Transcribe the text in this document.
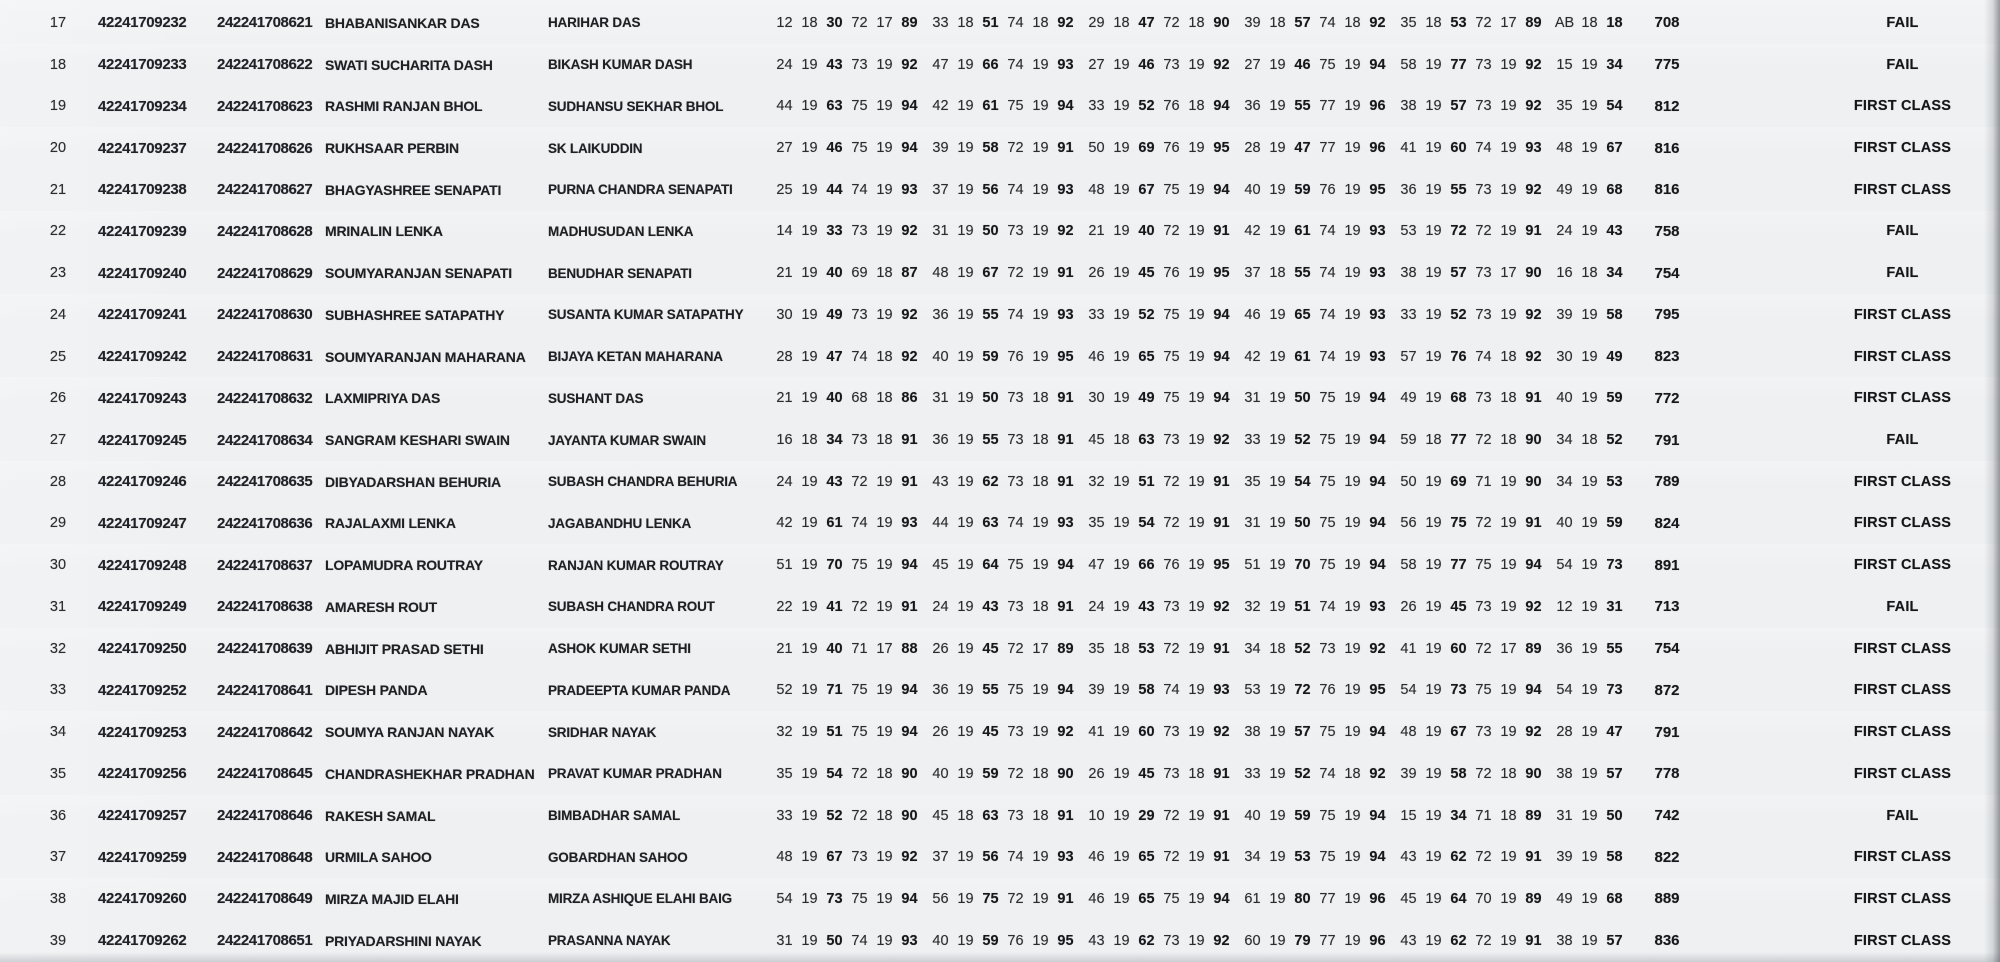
17	42241709232	242241708621 BHABANISANKAR DAS	HARIHAR DAS	12 18 30 72 17 89	33 18 51 74 18 92	29 18 47 72 18 90	39 18 57 74 18 92	35 18 53 72 17 89 AB 18 18	708	FAIL
18	42241709233	242241708622 SWATI SUCHARITA DASH	BIKASH KUMAR DASH	24 19 43 73 19 92	47 19 66 74 19 93	27 19 46 73 19 92	27 19 46 75 19 94	58 19 77 73 19 92	15 19 34	775	FAIL
19	42241709234	242241708623 RASHMI RANJAN BHOL	SUDHANSU SEKHAR BHOL	44 19 63 75 19 94	42 19 61 75 19 94	33 19 52 76 18 94	36 19 55 77 19 96	38 19 57 73 19 92	35 19 54	812	FIRST CLASS
20	42241709237	242241708626 RUKHSAAR PERBIN	SK LAIKUDDIN	27 19 46 75 19 94	39 19 58 72 19 91	50 19 69 76 19 95	28 19 47 77 19 96	41 19 60 74 19 93	48 19 67	816	FIRST CLASS
21	42241709238	242241708627 BHAGYASHREE SENAPATI	PURNA CHANDRA SENAPATI	25 19 44 74 19 93	37 19 56 74 19 93	48 19 67 75 19 94	40 19 59 76 19 95	36 19 55 73 19 92	49 19 68	816	FIRST CLASS
22	42241709239	242241708628 MRINALIN LENKA	MADHUSUDAN LENKA	14 19 33 73 19 92	31 19 50 73 19 92	21 19 40 72 19 91	42 19 61 74 19 93	53 19 72 72 19 91	24 19 43	758	FAIL
23	42241709240	242241708629 SOUMYARANJAN SENAPATI	BENUDHAR SENAPATI	21 19 40 69 18 87	48 19 67 72 19 91	26 19 45 76 19 95	37 18 55 74 19 93	38 19 57 73 17 90	16 18 34	754	FAIL
24	42241709241	242241708630 SUBHASHREE SATAPATHY	SUSANTA KUMAR SATAPATHY	30 19 49 73 19 92	36 19 55 74 19 93	33 19 52 75 19 94	46 19 65 74 19 93	33 19 52 73 19 92	39 19 58	795	FIRST CLASS
25	42241709242	242241708631 SOUMYARANJAN MAHARANA	BIJAYA KETAN MAHARANA	28 19 47 74 18 92	40 19 59 76 19 95	46 19 65 75 19 94	42 19 61 74 19 93	57 19 76 74 18 92	30 19 49	823	FIRST CLASS
26	42241709243	242241708632 LAXMIPRIYA DAS	SUSHANT DAS	21 19 40 68 18 86	31 19 50 73 18 91	30 19 49 75 19 94	31 19 50 75 19 94	49 19 68 73 18 91	40 19 59	772	FIRST CLASS
27	42241709245	242241708634 SANGRAM KESHARI SWAIN	JAYANTA KUMAR SWAIN	16 18 34 73 18 91	36 19 55 73 18 91	45 18 63 73 19 92	33 19 52 75 19 94	59 18 77 72 18 90	34 18 52	791	FAIL
28	42241709246	242241708635 DIBYADARSHAN BEHURIA	SUBASH CHANDRA BEHURIA	24 19 43 72 19 91	43 19 62 73 18 91	32 19 51 72 19 91	35 19 54 75 19 94	50 19 69 71 19 90	34 19 53	789	FIRST CLASS
29	42241709247	242241708636 RAJALAXMI LENKA	JAGABANDHU LENKA	42 19 61 74 19 93	44 19 63 74 19 93	35 19 54 72 19 91	31 19 50 75 19 94	56 19 75 72 19 91	40 19 59	824	FIRST CLASS
30	42241709248	242241708637 LOPAMUDRA ROUTRAY	RANJAN KUMAR ROUTRAY	51 19 70 75 19 94	45 19 64 75 19 94	47 19 66 76 19 95	51 19 70 75 19 94	58 19 77 75 19 94	54 19 73	891	FIRST CLASS
31	42241709249	242241708638 AMARESH ROUT	SUBASH CHANDRA ROUT	22 19 41 72 19 91	24 19 43 73 18 91	24 19 43 73 19 92	32 19 51 74 19 93	26 19 45 73 19 92	12 19 31	713	FAIL
32	42241709250	242241708639 ABHIJIT PRASAD SETHI	ASHOK KUMAR SETHI	21 19 40 71 17 88	26 19 45 72 17 89	35 18 53 72 19 91	34 18 52 73 19 92	41 19 60 72 17 89	36 19 55	754	FIRST CLASS
33	42241709252	242241708641 DIPESH PANDA	PRADEEPTA KUMAR PANDA	52 19 71 75 19 94	36 19 55 75 19 94	39 19 58 74 19 93	53 19 72 76 19 95	54 19 73 75 19 94	54 19 73	872	FIRST CLASS
34	42241709253	242241708642 SOUMYA RANJAN NAYAK	SRIDHAR NAYAK	32 19 51 75 19 94	26 19 45 73 19 92	41 19 60 73 19 92	38 19 57 75 19 94	48 19 67 73 19 92	28 19 47	791	FIRST CLASS
35	42241709256	242241708645 CHANDRASHEKHAR PRADHAN	PRAVAT KUMAR PRADHAN	35 19 54 72 18 90	40 19 59 72 18 90	26 19 45 73 18 91	33 19 52 74 18 92	39 19 58 72 18 90	38 19 57	778	FIRST CLASS
36	42241709257	242241708646 RAKESH SAMAL	BIMBADHAR SAMAL	33 19 52 72 18 90	45 18 63 73 18 91	10 19 29 72 19 91	40 19 59 75 19 94	15 19 34 71 18 89	31 19 50	742	FAIL
37	42241709259	242241708648 URMILA SAHOO	GOBARDHAN SAHOO	48 19 67 73 19 92	37 19 56 74 19 93	46 19 65 72 19 91	34 19 53 75 19 94	43 19 62 72 19 91	39 19 58	822	FIRST CLASS
38	42241709260	242241708649 MIRZA MAJID ELAHI	MIRZA ASHIQUE ELAHI BAIG	54 19 73 75 19 94	56 19 75 72 19 91	46 19 65 75 19 94	61 19 80 77 19 96	45 19 64 70 19 89	49 19 68	889	FIRST CLASS
39	42241709262	242241708651 PRIYADARSHINI NAYAK	PRASANNA NAYAK	31 19 50 74 19 93	40 19 59 76 19 95	43 19 62 73 19 92	60 19 79 77 19 96	43 19 62 72 19 91	38 19 57	836	FIRST CLASS
